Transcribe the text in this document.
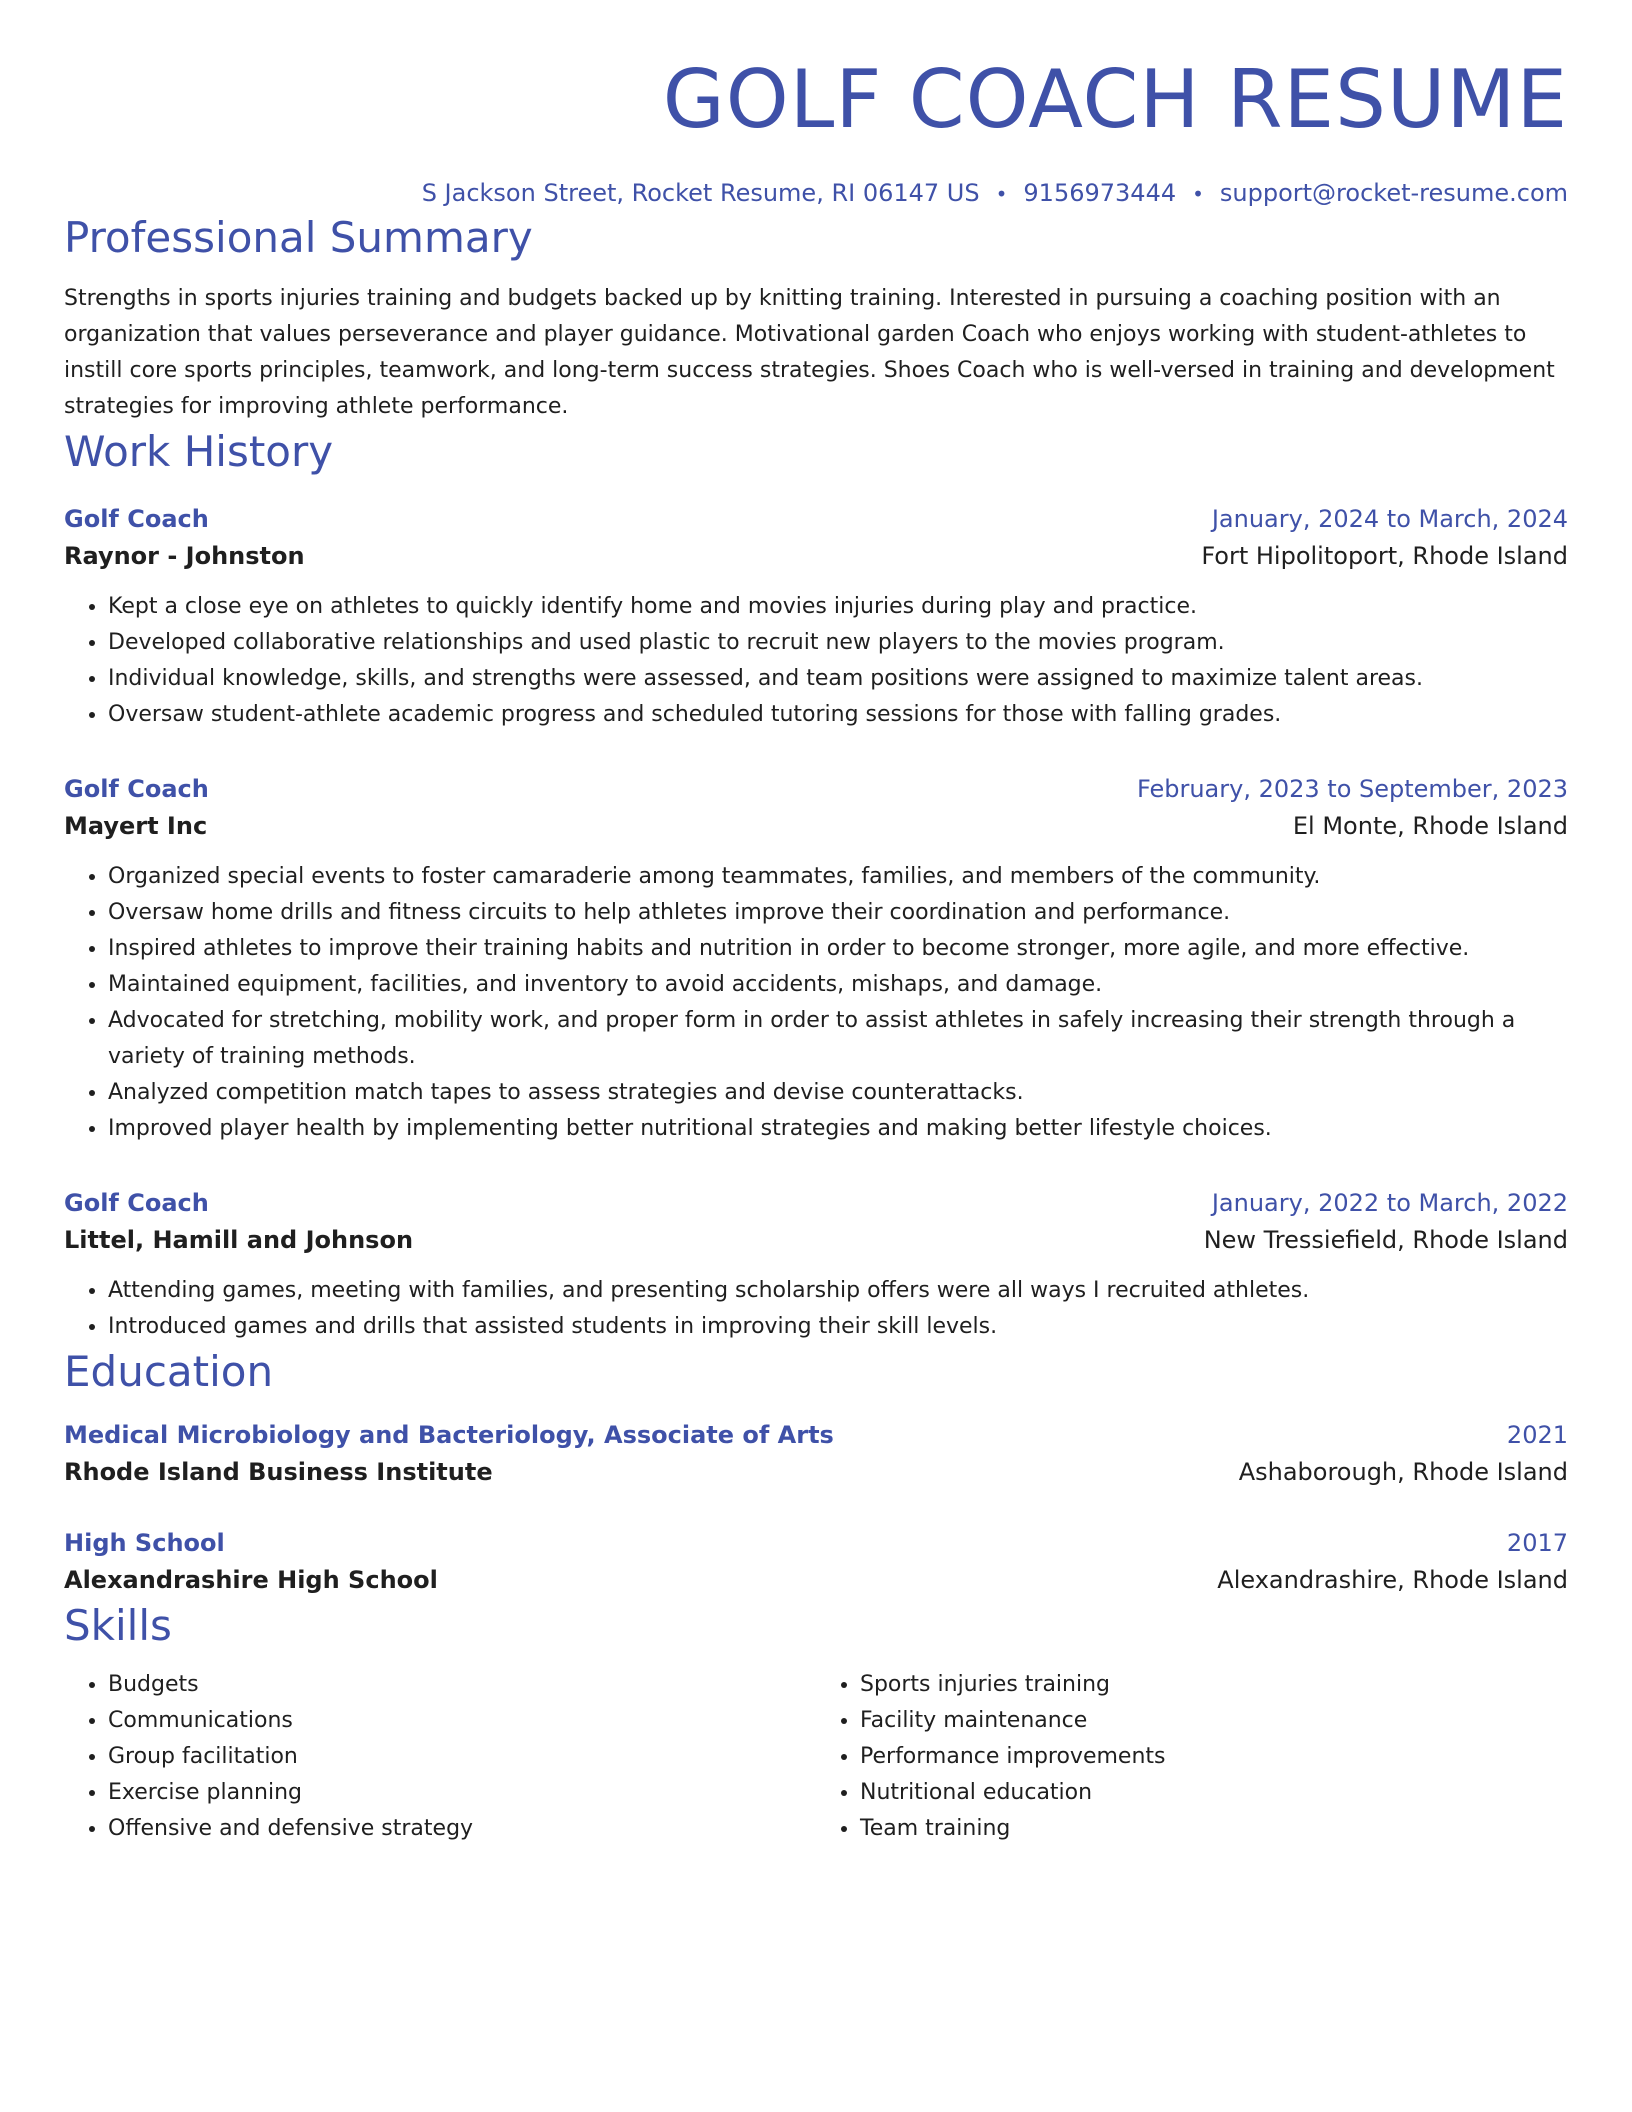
GOLF COACH RESUME
S Jackson Street, Rocket Resume, RI 06147 US • 9156973444 • support@rocket-resume.com
Professional Summary
Strengths in sports injuries training and budgets backed up by knitting training. Interested in pursuing a coaching position with an organization that values perseverance and player guidance. Motivational garden Coach who enjoys working with student-athletes to instill core sports principles, teamwork, and long-term success strategies. Shoes Coach who is well-versed in training and development strategies for improving athlete performance.
Work History
Golf Coach	January, 2024 to March, 2024
Raynor - Johnston	Fort Hipolitoport, Rhode Island
• Kept a close eye on athletes to quickly identify home and movies injuries during play and practice.
• Developed collaborative relationships and used plastic to recruit new players to the movies program.
• Individual knowledge, skills, and strengths were assessed, and team positions were assigned to maximize talent areas.
• Oversaw student-athlete academic progress and scheduled tutoring sessions for those with falling grades.
Golf Coach	February, 2023 to September, 2023
Mayert Inc	El Monte, Rhode Island
• Organized special events to foster camaraderie among teammates, families, and members of the community.
• Oversaw home drills and fitness circuits to help athletes improve their coordination and performance.
• Inspired athletes to improve their training habits and nutrition in order to become stronger, more agile, and more effective.
• Maintained equipment, facilities, and inventory to avoid accidents, mishaps, and damage.
• Advocated for stretching, mobility work, and proper form in order to assist athletes in safely increasing their strength through a variety of training methods.
• Analyzed competition match tapes to assess strategies and devise counterattacks.
• Improved player health by implementing better nutritional strategies and making better lifestyle choices.
Golf Coach	January, 2022 to March, 2022
Littel, Hamill and Johnson	New Tressiefield, Rhode Island
• Attending games, meeting with families, and presenting scholarship offers were all ways I recruited athletes.
• Introduced games and drills that assisted students in improving their skill levels.
Education
Medical Microbiology and Bacteriology, Associate of Arts	2021
Rhode Island Business Institute	Ashaborough, Rhode Island
High School	2017
Alexandrashire High School	Alexandrashire, Rhode Island
Skills
• Budgets
• Communications
• Group facilitation
• Exercise planning
• Offensive and defensive strategy
• Sports injuries training
• Facility maintenance
• Performance improvements
• Nutritional education
• Team training
